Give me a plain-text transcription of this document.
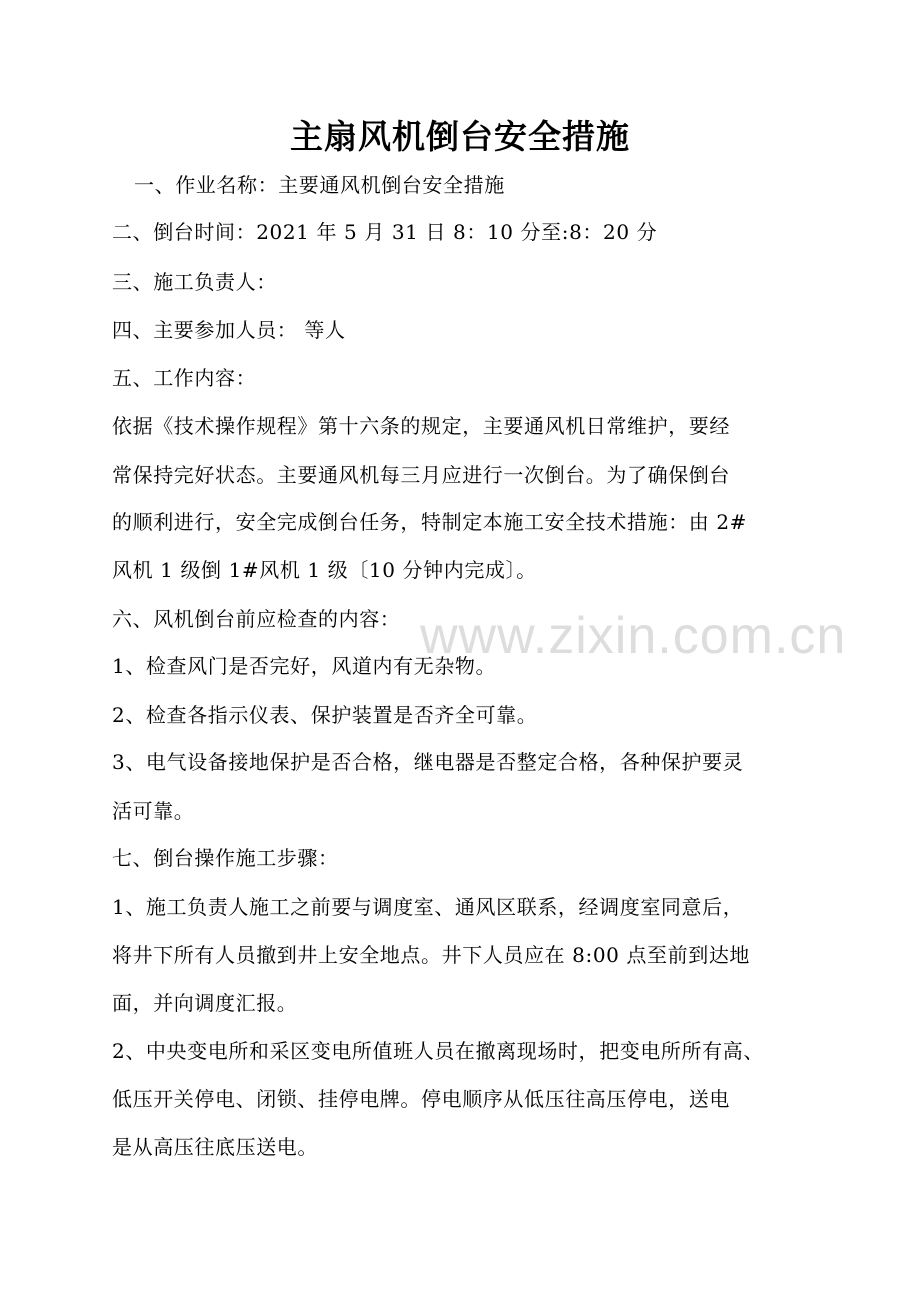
主扇风机倒台安全措施
一、作业名称：主要通风机倒台安全措施
二、倒台时间：2021 年 5 月 31 日 8：10 分至:8：20 分
三、施工负责人：
四、主要参加人员： 等人
五、工作内容：
依据《技术操作规程》第十六条的规定，主要通风机日常维护，要经
常保持完好状态。主要通风机每三月应进行一次倒台。为了确保倒台
的顺利进行，安全完成倒台任务，特制定本施工安全技术措施：由 2#
风机 1 级倒 1#风机 1 级〔10 分钟内完成〕。
六、风机倒台前应检查的内容：
1、检查风门是否完好，风道内有无杂物。
2、检查各指示仪表、保护装置是否齐全可靠。
3、电气设备接地保护是否合格，继电器是否整定合格，各种保护要灵
活可靠。
七、倒台操作施工步骤：
1、施工负责人施工之前要与调度室、通风区联系，经调度室同意后，
将井下所有人员撤到井上安全地点。井下人员应在 8:00 点至前到达地
面，并向调度汇报。
2、中央变电所和采区变电所值班人员在撤离现场时，把变电所所有高、
低压开关停电、闭锁、挂停电牌。停电顺序从低压往高压停电，送电
是从高压往底压送电。
www.zixin.com.cn
